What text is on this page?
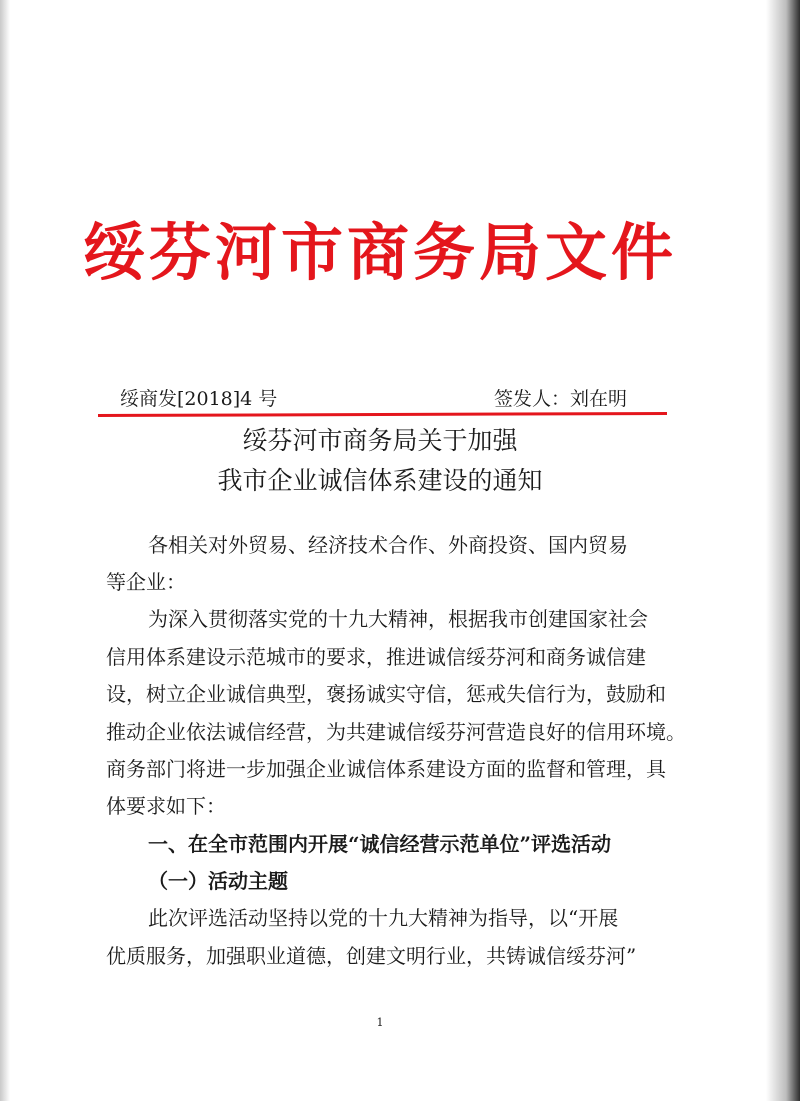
绥芬河市商务局文件
绥商发[2018]4 号	签发人：刘在明
绥芬河市商务局关于加强
我市企业诚信体系建设的通知
各相关对外贸易、经济技术合作、外商投资、国内贸易
等企业：
为深入贯彻落实党的十九大精神，根据我市创建国家社会
信用体系建设示范城市的要求，推进诚信绥芬河和商务诚信建
设，树立企业诚信典型，褒扬诚实守信，惩戒失信行为，鼓励和
推动企业依法诚信经营，为共建诚信绥芬河营造良好的信用环境。
商务部门将进一步加强企业诚信体系建设方面的监督和管理，具
体要求如下：
一、在全市范围内开展“诚信经营示范单位”评选活动
（一）活动主题
此次评选活动坚持以党的十九大精神为指导，以“开展
优质服务，加强职业道德，创建文明行业，共铸诚信绥芬河”
1
